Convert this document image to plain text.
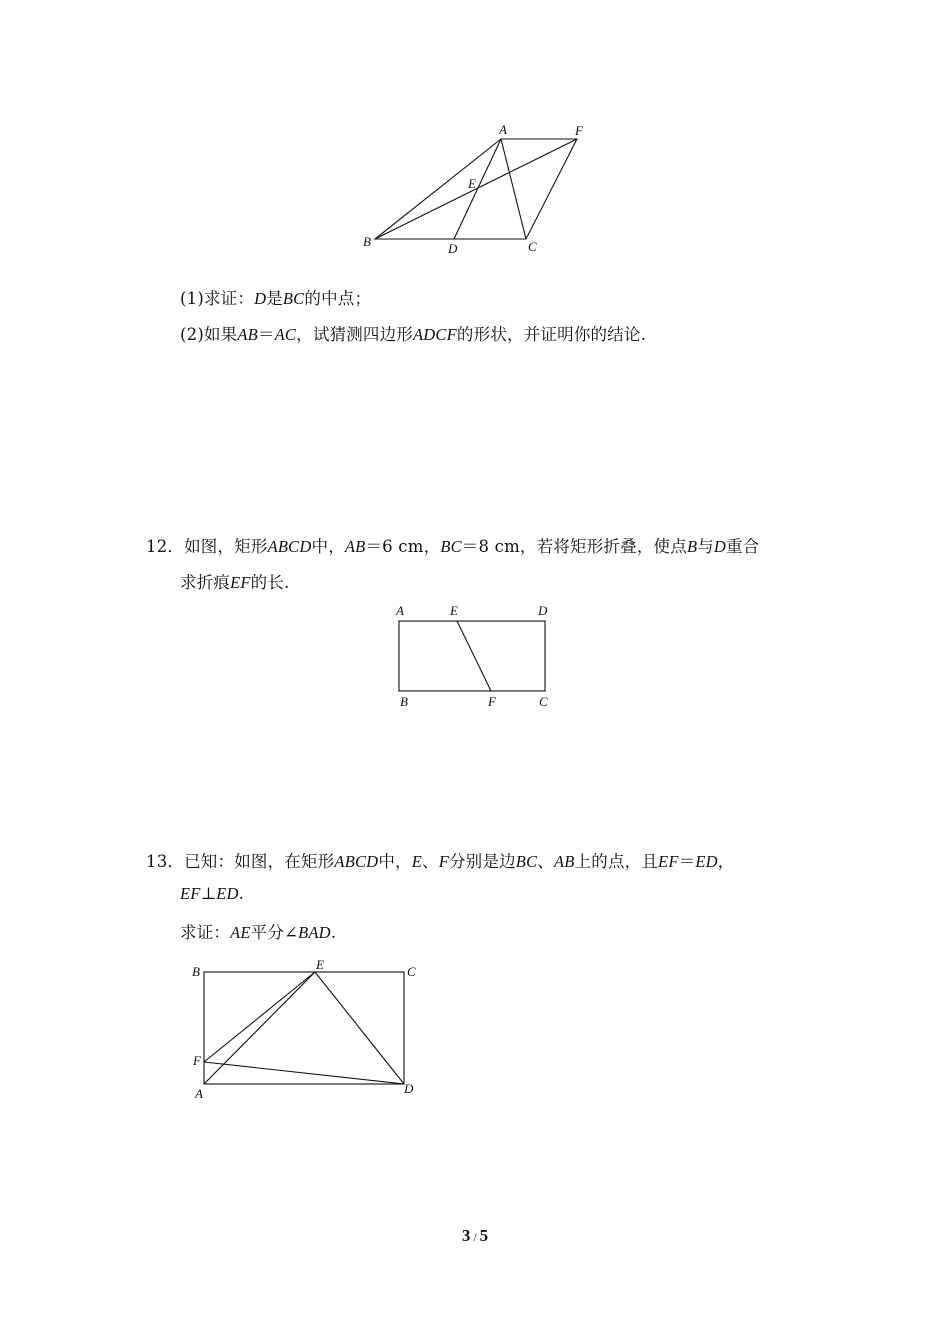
A	F
E
B	D	C
(1)求证：D是BC的中点；
(2)如果AB＝AC，试猜测四边形ADCF的形状，并证明你的结论.
12．如图，矩形ABCD中，AB＝6 cm，BC＝8 cm，若将矩形折叠，使点B与D重合
求折痕EF的长.
A	E	D
B	F	C
13．已知：如图，在矩形ABCD中，E、F分别是边BC、AB上的点，且EF＝ED，
EF⊥ED.
求证：AE平分∠BAD.
B	E	C
F
A	D
3 / 5
